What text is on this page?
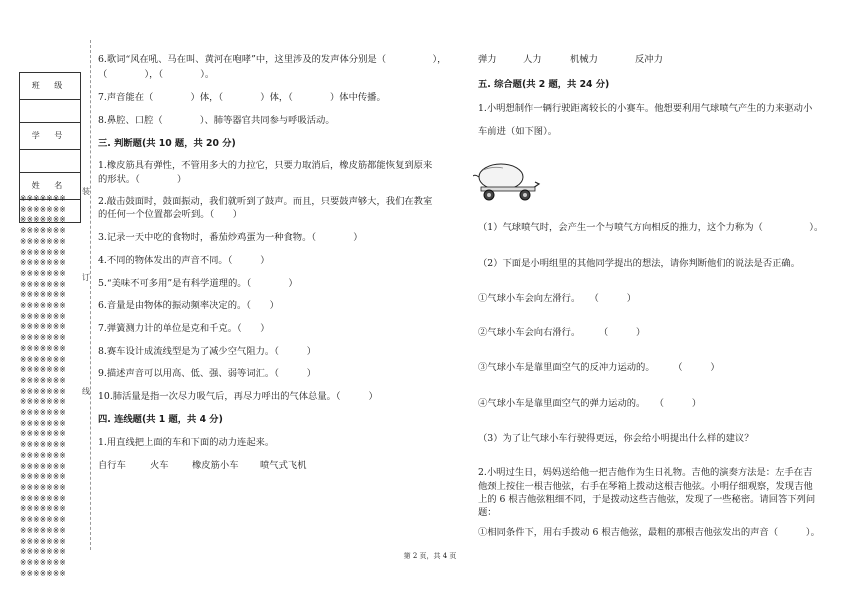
班 级
学 号
姓 名
※※※※※※※
※※※※※※※
※※※※※※※
※※※※※※※
※※※※※※※
※※※※※※※
※※※※※※※
※※※※※※※
※※※※※※※
※※※※※※※
※※※※※※※
※※※※※※※
※※※※※※※
※※※※※※※
※※※※※※※
※※※※※※※
※※※※※※※
※※※※※※※
※※※※※※※
※※※※※※※
※※※※※※※
※※※※※※※
※※※※※※※
※※※※※※※
※※※※※※※
※※※※※※※
※※※※※※※
※※※※※※※
※※※※※※※
※※※※※※※
※※※※※※※
※※※※※※※
※※※※※※※
※※※※※※※
※※※※※※※
※※※※※※※
装
订
线
6.歌词“风在吼、马在叫、黄河在咆哮”中，这里涉及的发声体分别是（　　　　　），
（　　　　），（　　　　）。
7.声音能在（　　　　）体，（　　　　）体，（　　　　）体中传播。
8.鼻腔、口腔（　　　　）、肺等器官共同参与呼吸活动。
三. 判断题(共 10 题，共 20 分)
1.橡皮筋具有弹性，不管用多大的力拉它，只要力取消后，橡皮筋都能恢复到原来
的形状。（　　　　）
2.敲击鼓面时，鼓面振动，我们就听到了鼓声。而且，只要鼓声够大，我们在教室
的任何一个位置都会听到。（　　）
3.记录一天中吃的食物时，番茄炒鸡蛋为一种食物。（　　　　）
4.不同的物体发出的声音不同。（　　　）
5.“美味不可多用”是有科学道理的。（　　　　）
6.音量是由物体的振动频率决定的。（　　）
7.弹簧测力计的单位是克和千克。（　　）
8.赛车设计成流线型是为了减少空气阻力。（　　　）
9.描述声音可以用高、低、强、弱等词汇。（　　　）
10.肺活量是指一次尽力吸气后，再尽力呼出的气体总量。（　　　）
四. 连线题(共 1 题，共 4 分)
1.用直线把上面的车和下面的动力连起来。
自行车	火车	橡皮筋小车 喷气式飞机
弹力	人力	机械力	反冲力
五. 综合题(共 2 题，共 24 分)
1.小明想制作一辆行驶距离较长的小赛车。他想要利用气球喷气产生的力来驱动小
车前进（如下图）。
（1）气球喷气时，会产生一个与喷气方向相反的推力，这个力称为（　　　　　）。
（2）下面是小明组里的其他同学提出的想法，请你判断他们的说法是否正确。
①气球小车会向左滑行。　　（　　　）
②气球小车会向右滑行。　　　（　　　）
③气球小车是靠里面空气的反冲力运动的。　　　（　　　）
④气球小车是靠里面空气的弹力运动的。　　（　　　）
（3）为了让气球小车行驶得更远，你会给小明提出什么样的建议？
2.小明过生日，妈妈送给他一把吉他作为生日礼物。吉他的演奏方法是：左手在吉
他颈上按住一根吉他弦，右手在琴箱上拨动这根吉他弦。小明仔细观察，发现吉他
上的 6 根吉他弦粗细不同，于是拨动这些吉他弦，发现了一些秘密。请回答下列问
题：
①相同条件下，用右手拨动 6 根吉他弦，最粗的那根吉他弦发出的声音（　　　）。
第 2 页，共 4 页
